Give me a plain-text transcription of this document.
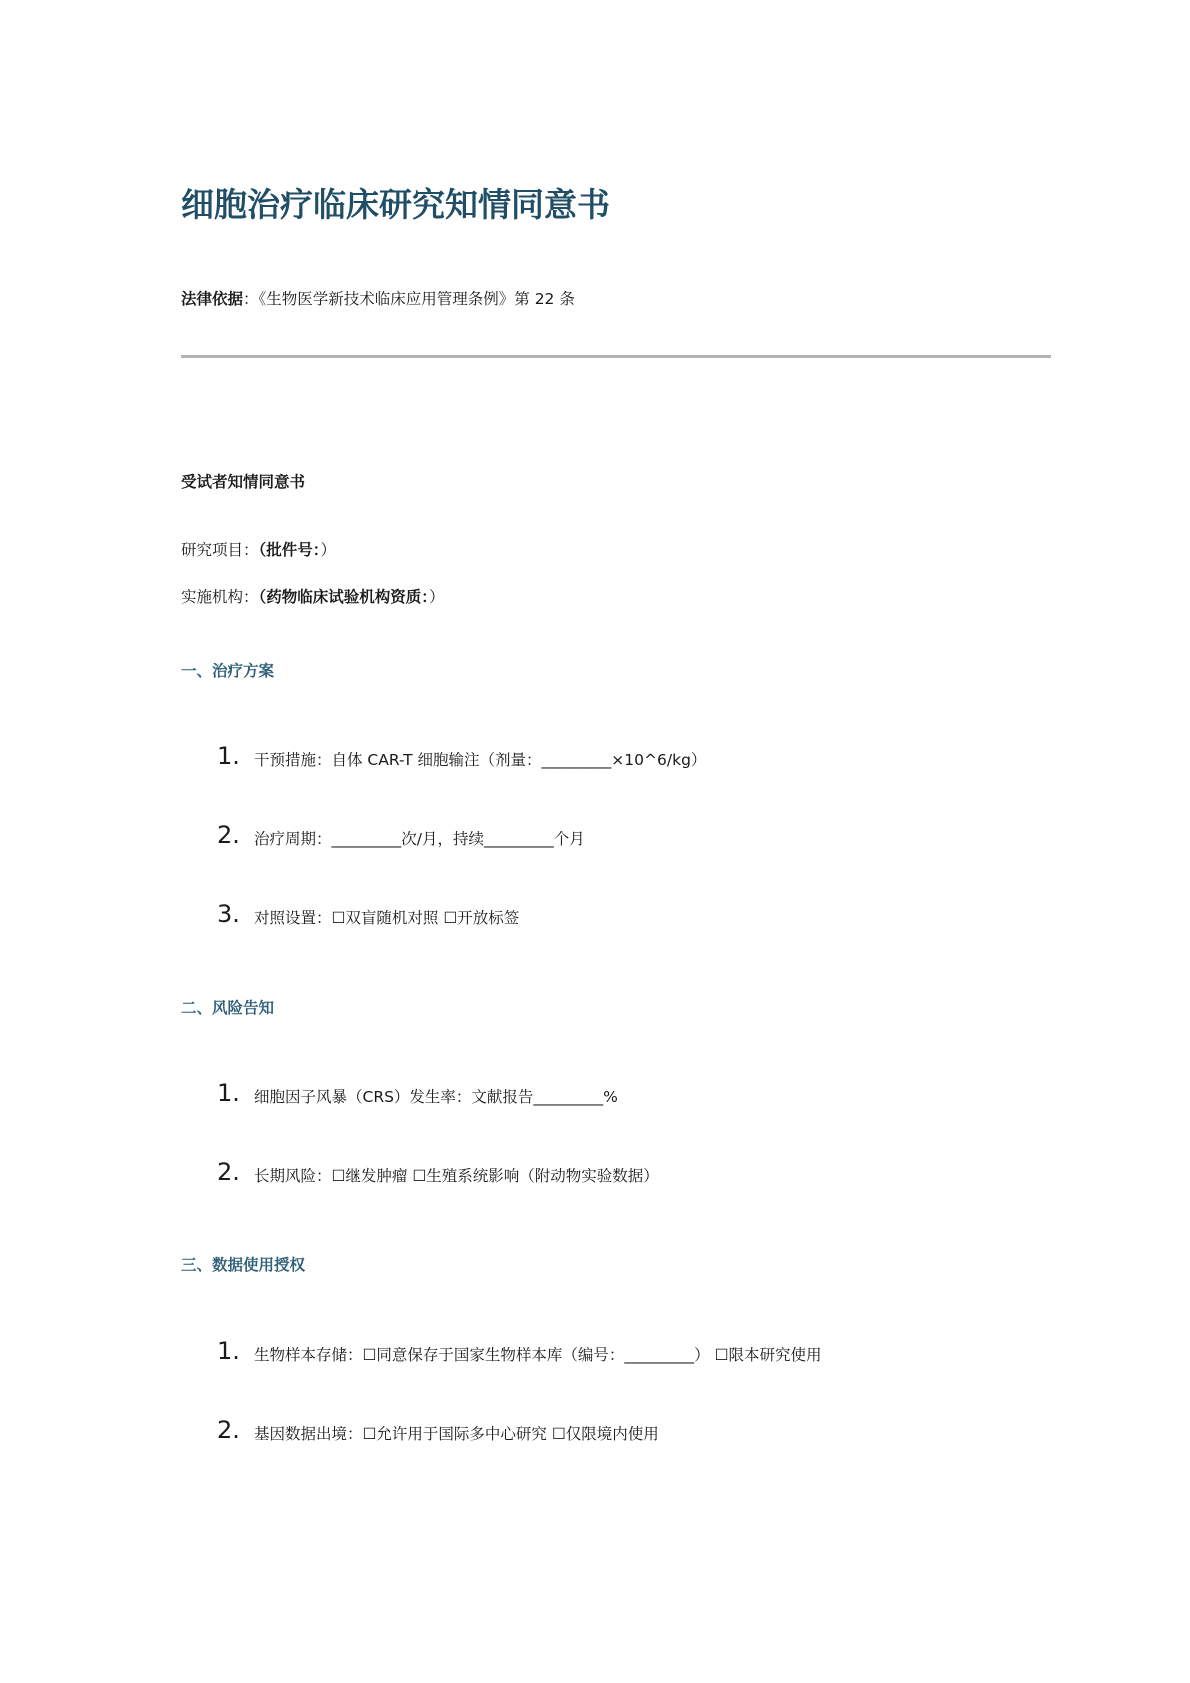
细胞治疗临床研究知情同意书
法律依据：《生物医学新技术临床应用管理条例》第 22 条
受试者知情同意书
研究项目：（批件号：）
实施机构：（药物临床试验机构资质：）
一、治疗方案
1. 干预措施：自体 CAR-T 细胞输注（剂量：_________×10^6/kg）
2. 治疗周期：_________次/月，持续_________个月
3. 对照设置：☐双盲随机对照 ☐开放标签
二、风险告知
1. 细胞因子风暴（CRS）发生率：文献报告_________%
2. 长期风险：☐继发肿瘤 ☐生殖系统影响（附动物实验数据）
三、数据使用授权
1. 生物样本存储：☐同意保存于国家生物样本库（编号：_________） ☐限本研究使用
2. 基因数据出境：☐允许用于国际多中心研究 ☐仅限境内使用
